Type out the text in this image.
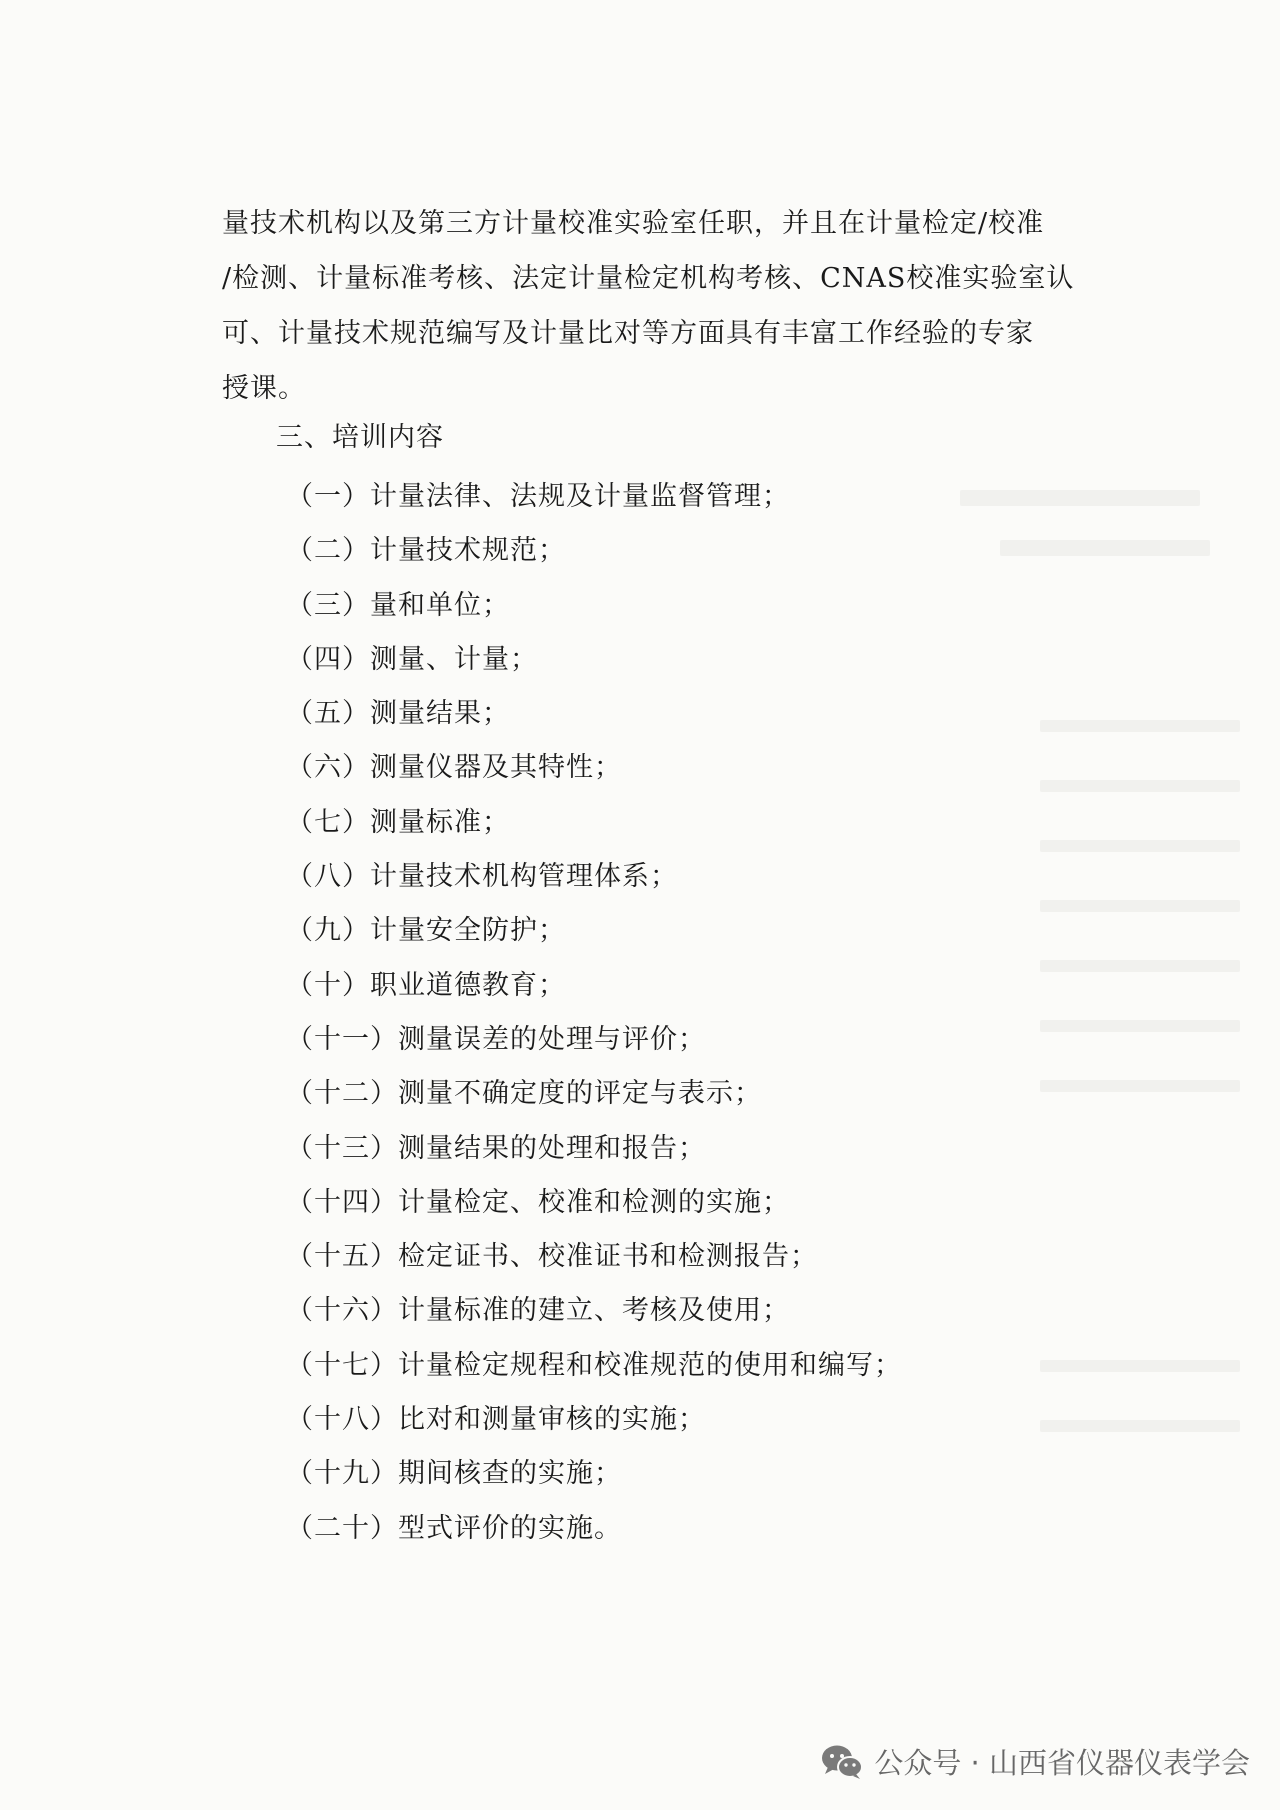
量技术机构以及第三方计量校准实验室任职，并且在计量检定/校准
/检测、计量标准考核、法定计量检定机构考核、CNAS校准实验室认
可、计量技术规范编写及计量比对等方面具有丰富工作经验的专家
授课。
三、培训内容
（一）计量法律、法规及计量监督管理；
（二）计量技术规范；
（三）量和单位；
（四）测量、计量；
（五）测量结果；
（六）测量仪器及其特性；
（七）测量标准；
（八）计量技术机构管理体系；
（九）计量安全防护；
（十）职业道德教育；
（十一）测量误差的处理与评价；
（十二）测量不确定度的评定与表示；
（十三）测量结果的处理和报告；
（十四）计量检定、校准和检测的实施；
（十五）检定证书、校准证书和检测报告；
（十六）计量标准的建立、考核及使用；
（十七）计量检定规程和校准规范的使用和编写；
（十八）比对和测量审核的实施；
（十九）期间核查的实施；
（二十）型式评价的实施。
公众号 · 山西省仪器仪表学会
